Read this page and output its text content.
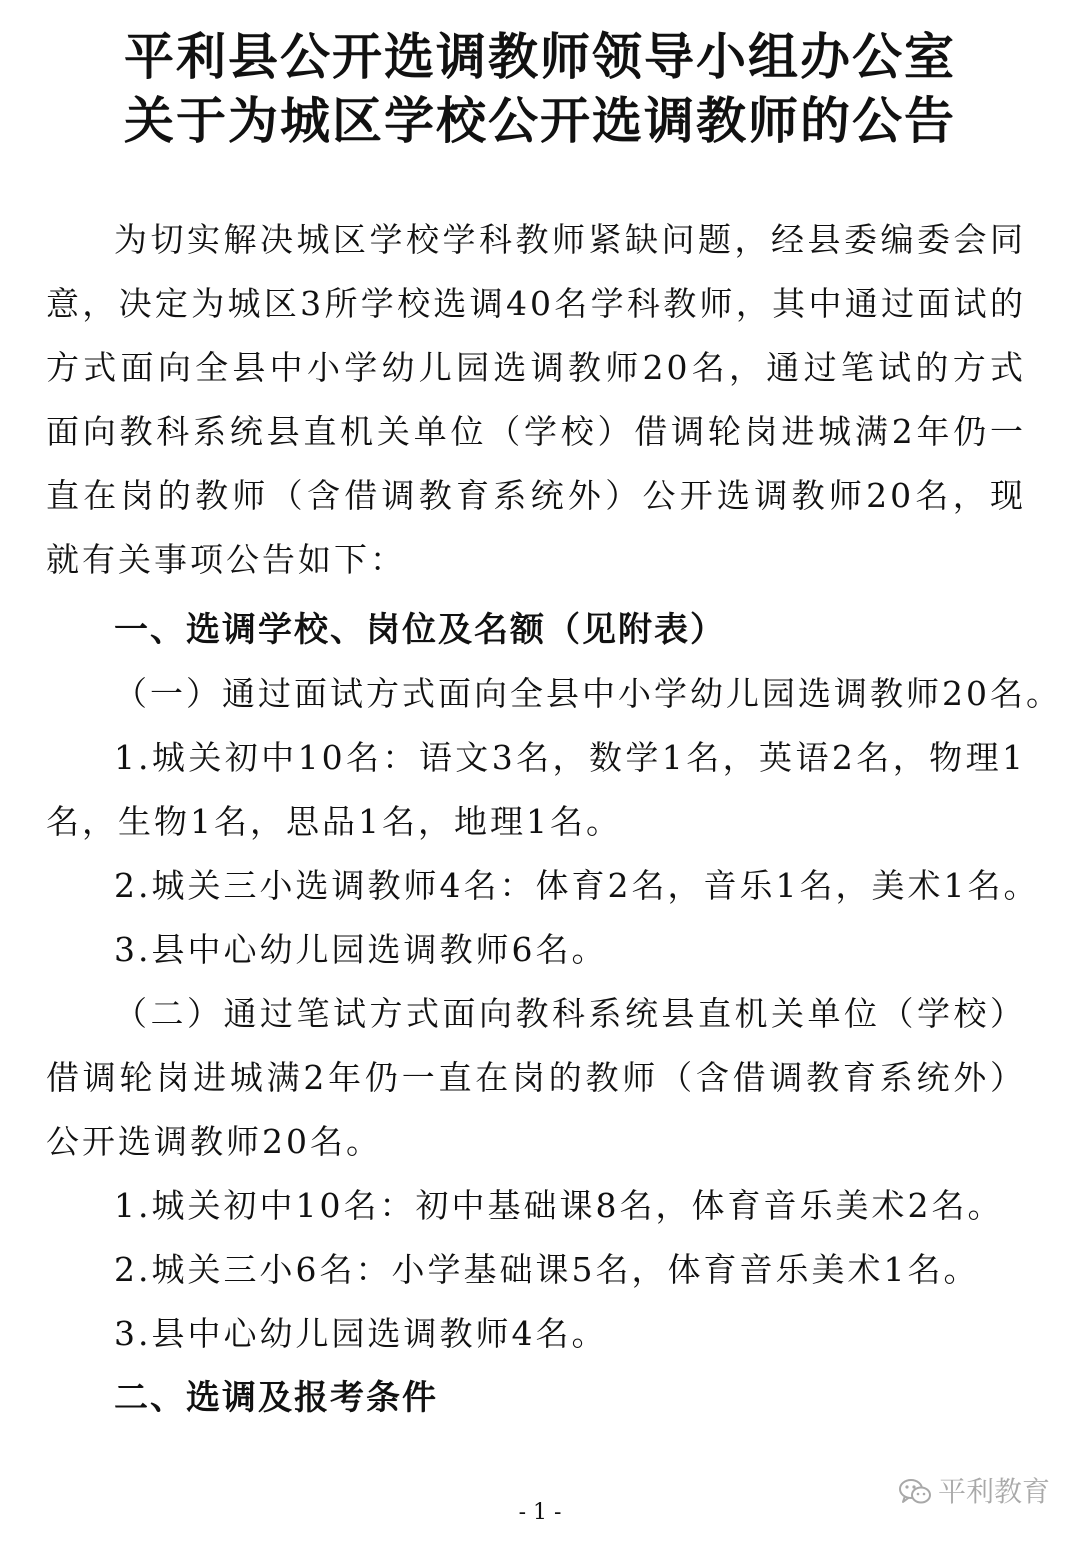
平利县公开选调教师领导小组办公室
关于为城区学校公开选调教师的公告

为切实解决城区学校学科教师紧缺问题，经县委编委会同意，决定为城区3所学校选调40名学科教师，其中通过面试的方式面向全县中小学幼儿园选调教师20名，通过笔试的方式面向教科系统县直机关单位（学校）借调轮岗进城满2年仍一直在岗的教师（含借调教育系统外）公开选调教师20名，现就有关事项公告如下：

一、选调学校、岗位及名额（见附表）

（一）通过面试方式面向全县中小学幼儿园选调教师20名。

1.城关初中10名：语文3名，数学1名，英语2名，物理1名，生物1名，思品1名，地理1名。

2.城关三小选调教师4名：体育2名，音乐1名，美术1名。

3.县中心幼儿园选调教师6名。

（二）通过笔试方式面向教科系统县直机关单位（学校）借调轮岗进城满2年仍一直在岗的教师（含借调教育系统外）公开选调教师20名。

1.城关初中10名：初中基础课8名，体育音乐美术2名。

2.城关三小6名：小学基础课5名，体育音乐美术1名。

3.县中心幼儿园选调教师4名。

二、选调及报考条件

平利教育
- 1 -
